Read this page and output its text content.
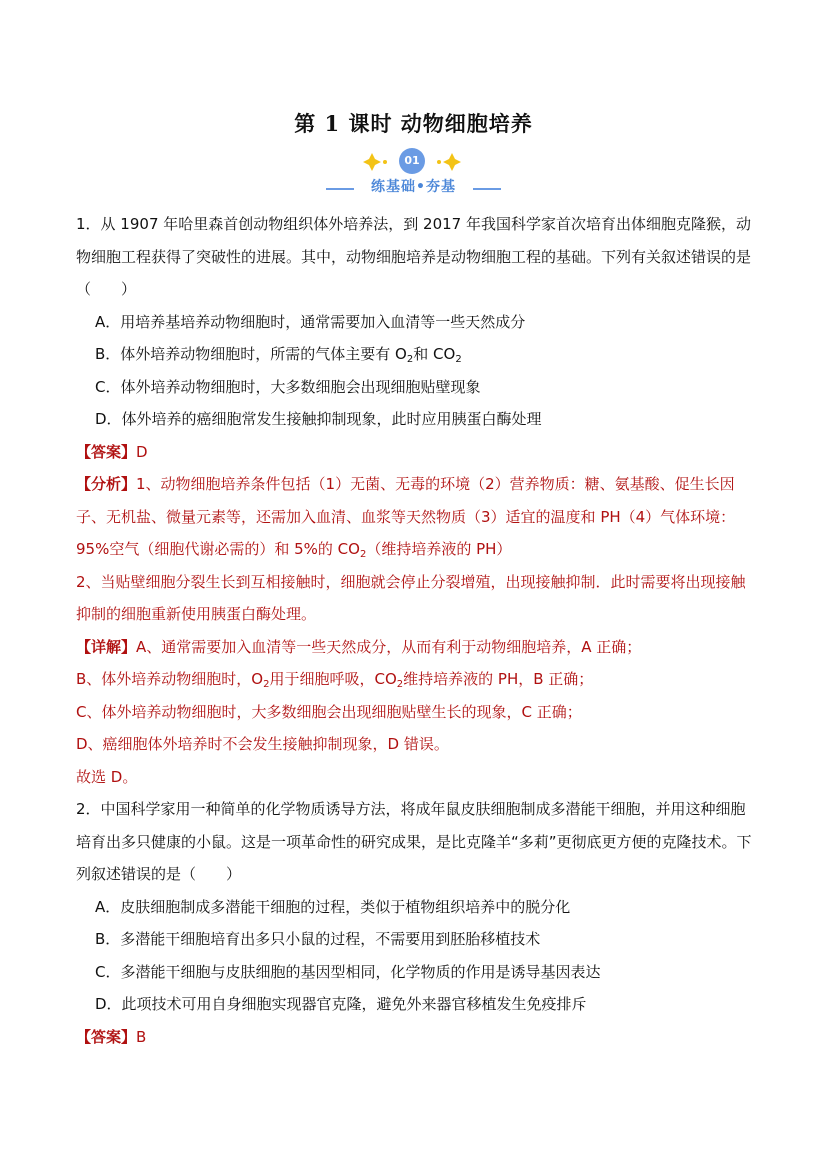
第 1 课时 动物细胞培养
01
练基础•夯基

1．从 1907 年哈里森首创动物组织体外培养法，到 2017 年我国科学家首次培育出体细胞克隆猴，动物细胞工程获得了突破性的进展。其中，动物细胞培养是动物细胞工程的基础。下列有关叙述错误的是（　　）

A．用培养基培养动物细胞时，通常需要加入血清等一些天然成分

B．体外培养动物细胞时，所需的气体主要有 $O_2$和 $CO_2$

C．体外培养动物细胞时，大多数细胞会出现细胞贴壁现象

D．体外培养的癌细胞常发生接触抑制现象，此时应用胰蛋白酶处理

【答案】D

【分析】1、动物细胞培养条件包括（1）无菌、无毒的环境（2）营养物质：糖、氨基酸、促生长因子、无机盐、微量元素等，还需加入血清、血浆等天然物质（3）适宜的温度和 PH（4）气体环境：95%空气（细胞代谢必需的）和 5%的 $CO_2$（维持培养液的 PH）

2、当贴壁细胞分裂生长到互相接触时，细胞就会停止分裂增殖，出现接触抑制．此时需要将出现接触抑制的细胞重新使用胰蛋白酶处理。

【详解】A、通常需要加入血清等一些天然成分，从而有利于动物细胞培养，A 正确；

B、体外培养动物细胞时，$O_2$用于细胞呼吸，$CO_2$维持培养液的 PH，B 正确；

C、体外培养动物细胞时，大多数细胞会出现细胞贴壁生长的现象，C 正确；

D、癌细胞体外培养时不会发生接触抑制现象，D 错误。

故选 D。

2．中国科学家用一种简单的化学物质诱导方法，将成年鼠皮肤细胞制成多潜能干细胞，并用这种细胞培育出多只健康的小鼠。这是一项革命性的研究成果，是比克隆羊“多莉”更彻底更方便的克隆技术。下列叙述错误的是（　　）

A．皮肤细胞制成多潜能干细胞的过程，类似于植物组织培养中的脱分化

B．多潜能干细胞培育出多只小鼠的过程，不需要用到胚胎移植技术

C．多潜能干细胞与皮肤细胞的基因型相同，化学物质的作用是诱导基因表达

D．此项技术可用自身细胞实现器官克隆，避免外来器官移植发生免疫排斥

【答案】B
